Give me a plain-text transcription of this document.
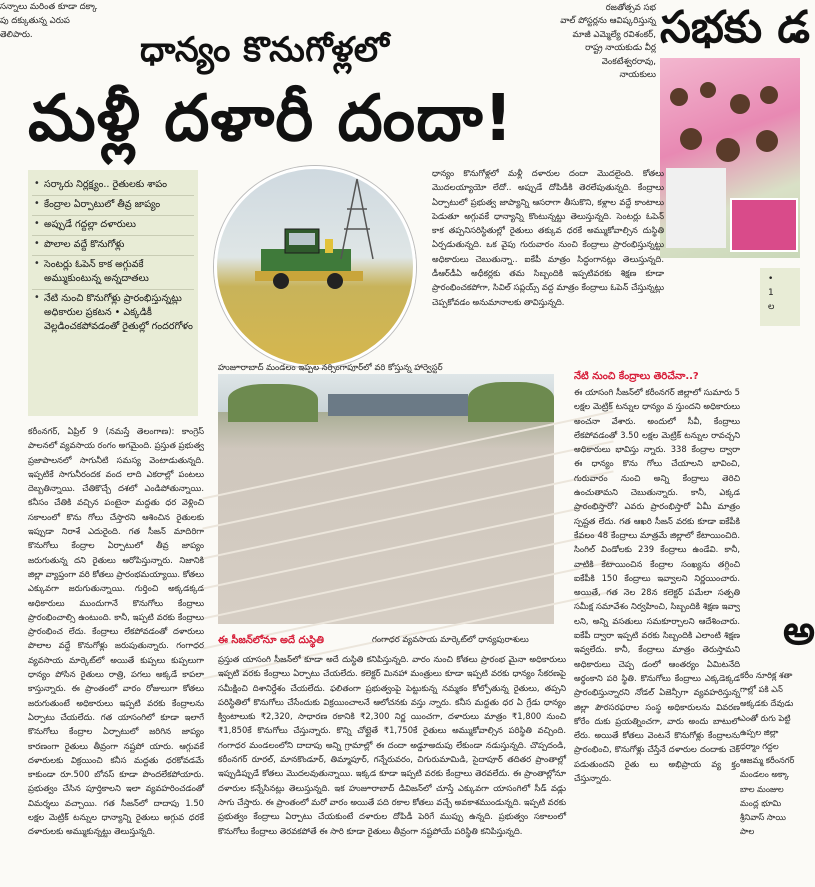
సన్నాలు మరింత కూడా దక్కా
పు దక్కుతున్న ఎరుప
తెలిపారు.
రజతోత్సవ సభ
వాల్ పోస్టర్లను ఆవిష్కరిస్తున్న
మాజీ ఎమ్మెల్యే రవిశంకర్,
రాష్ట్ర నాయకుడు వీర్ల
వెంకటేశ్వరరావు,
నాయకులు
సభకు డ
•
1
ల
ధాన్యం కొనుగోళ్లలో
మళ్లీ దళారీ దందా!
• సర్కారు నిర్లక్ష్యం.. రైతులకు శాపం
• కేంద్రాల ఏర్పాటులో తీవ్ర జాప్యం
• అప్పుడే గద్దల్లా దళారులు
• పొలాల వద్దే కొనుగోళ్లు
• సెంటర్లు ఓపెన్ కాక అగ్గువకే అమ్ముకుంటున్న అన్నదాతలు
• నేటి నుంచి కొనుగోళ్లు ప్రారంభిస్తున్నట్లు అధికారుల ప్రకటన • ఎక్కడికీ వెల్లడించకపోవడంతో రైతుల్లో గందరగోళం
హుజూరాబాద్ మండలం ఇప్పల నర్సింగాపూర్‌లో వరి కోస్తున్న హార్వెస్టర్
ధాన్యం కొనుగోళ్లలో మళ్లీ దళారుల దందా మొదలైంది. కోతలు మొదలయ్యాయో లేదో.. అప్పుడే దోపిడీకి తెరలేపుతున్నది. కేంద్రాలు ఏర్పాటులో ప్రభుత్వ జాప్యాన్ని ఆసరాగా తీసుకొని, కళ్లాల వద్దే కాంటాలు పెడుతూ అగ్గువకే ధాన్యాన్ని కొంటున్నట్టు తెలుస్తున్నది. సెంటర్లు ఓపెన్ కాక తప్పనిసరిస్థితుల్లో రైతులు తక్కువ ధరకే అమ్ముకోవాల్సిన దుస్థితి ఏర్పడుతున్నది. ఒక వైపు గురువారం నుంచి కేంద్రాలు ప్రారంభిస్తున్నట్టు అధికారులు చెబుతున్నా.. ఐకేపీ మాత్రం సిద్ధంగానట్లు తెలుస్తున్నది. డీఆర్‌డీఏ అధీకర్లకు తమ సిబ్బందికి ఇప్పటివరకు శిక్షణ కూడా ప్రారంభించకపోగా, సివిల్ సప్లయ్స్‌ వద్ద మాత్రం కేంద్రాలు ఓపెన్ చేస్తున్నట్లు చెప్పకోవడం అనుమానాలకు తావిస్తున్నది.
నేటి నుంచి కేంద్రాలు తెరిచేనా..?
ఈ సీజన్‌లోనూ అదే దుస్థితి	గంగాధర వ్యవసాయ మార్కెట్‌లో ధాన్యపురాశులు
కరీంనగర్, ఏప్రిల్ 9 (నమస్తే తెలంగాణ): కాంగ్రెస్ పాలనలో వ్యవసాయ రంగం అగమైంది. ప్రస్తుత ప్రభుత్వ ప్రజాపాలనలో సాగునీటి సమస్య వెంటాడుతున్నది. ఇప్పటికే సాగునీరందక వంద లాది ఎకరాల్లో పంటలు దెబ్బతిన్నాయి. చేతికొచ్చే దశలో ఎండిపోతున్నాయి. కనీసం చేతికి వచ్చిన పంటైనా మద్దతు ధర వెళ్లించి సకాలంలో కొను గోలు చేస్తారని ఆశించిన రైతులకు ఇప్పుడా నిరాశే ఎదురైంది. గత సీజన్ మాదిరిగా కొనుగోలు కేంద్రాల ఏర్పాటులో తీవ్ర జాప్యం జరుగుతున్న దని రైతులు ఆరోపిస్తున్నారు. నిజానికి జిల్లా వ్యాప్తంగా వరి కోతలు ప్రారంభమయ్యాయి. కోతలు ఎక్కువగా జరుగుతున్నాయి. గుర్తించి అక్కడక్కడ అధికారులు ముందుగానే కొనుగోలు కేంద్రాలు ప్రారంభించాల్సి ఉంటుంది. కానీ, ఇప్పటి వరకు కేంద్రాలు ప్రారంభించ లేదు. కేంద్రాలు లేకపోవడంతో దళారులు పొలాల వద్దే కొనుగోళ్లు జరుపుతున్నారు. గంగాధర వ్యవసాయ మార్కెట్‌లో అయితే కుప్పలు కుప్పలుగా ధాన్యం పోసిన రైతులు రాత్రి, పగలు అక్కడే కాపలా కాస్తున్నారు. ఈ ప్రాంతంలో వారం రోజులుగా కోతలు జరుగుతుంటే అధికారులు ఇప్పటి వరకు కేంద్రాలను ఏర్పాటు చేయలేదు. గత యాసంగిలో కూడా ఇలాగే కొనుగోలు కేంద్రాల ఏర్పాటులో జరిగిన జాప్యం కారణంగా రైతులు తీవ్రంగా నష్టపో యారు. ఆగ్గువకే దళారులకు విక్రయించి కనీస మద్దతు ధరకోవడమే కాకుండా రూ.500 బోనస్ కూడా పొందలేకపోయారు. ప్రభుత్వం చేసిన పూర్తికాలని ఇలా వ్యవహరించడంతో విమర్శలు వచ్చాయి. గత సీజన్‌లో దాదాపు 1.50 లక్షల మెట్రిక్ టన్నుల ధాన్యాన్ని రైతులు అగ్గువ ధరకే దళారులకు అమ్ముకున్నట్టు తెలుస్తున్నది.
ఈ యాసంగి సీజన్‌లో కరీంనగర్ జిల్లాలో సుమారు 5 లక్షల మెట్రిక్ టన్నుల ధాన్యం వ స్తుందని అధికారులు అంచనా వేశారు. అందులో సీవీ, కేంద్రాలు లేకపోవడంతో 3.50 లక్షల మెట్రిక్ టన్నుల రావచ్చని అధికారులు భావిస్తు న్నారు. 338 కేంద్రాల ద్వారా ఈ ధాన్యం కొను గోలు చేయాలని భావించి, గురువారం నుంచి అన్ని కేంద్రాలు తెరిచి ఉంచుతామని చెబుతున్నారు. కానీ, ఎక్కడ ప్రారంభిస్తారో? ఎవరు ప్రారంభిస్తారో ఏమీ మాత్రం స్పష్టత లేదు. గత ఆఖరి సీజన్ వరకు కూడా ఐకేపీకి కేవలం 48 కేంద్రాలు మాత్రమే జిల్లాలో కేటాయించిది. సింగిల్ విండోలకు 239 కేంద్రాలు ఉండేవి. కానీ, వాటికి కేటాయించిన కేంద్రాల సంఖ్యను తగ్గించి ఐకేపీకి 150 కేంద్రాలు ఇవ్వాలని నిర్ణయించారు. అయితే, గత నెల 28న కలెక్టర్ పమేలా సత్పతి సమీక్ష సమావేశం నిర్వహించి, సిబ్బందికి శిక్షణ ఇవ్వా లని, అన్ని వసతులు సమకూర్చాలని ఆదేశించారు. ఐకేపీ ద్వారా ఇప్పటి వరకు సిబ్బందికి ఎలాంటి శిక్షణ ఇవ్వలేదు. కానీ, కేంద్రాలు మాత్రం తెరుస్తామని అధికారులు చెప్ప డంలో ఆంతర్యం ఏమిటనేది అర్థంకాని పరి స్థితి. కొనుగోలు కేంద్రాలు ఎక్కడెక్కడ ప్రారంభిస్తున్నారని నోడల్ ఏజెన్సీగా వ్యవహరిస్తున్న జిల్లా పౌరసరఫరాల సంస్థ అధికారులను వివరణ కోరేం దుకు ప్రయత్నించగా, వారు అందు బాటులో లేరు. అయితే కోతలు వెంటనే కొనుగోళ్లు కేంద్రాలను ప్రారంభించి, కొనుగోళ్లు చేస్తేనే దళారుల దందాకు చెక్ పడుతుందని రైతు లు అభిప్రాయ వ్య క్తం చేస్తున్నారు.
ప్రస్తుత యాసంగి సీజన్‌లో కూడా అదే దుస్థితి కనిపిస్తున్నది. వారం నుంచి కోతలు ప్రారంభ మైనా అధికారులు ఇప్పటి వరకు కేంద్రాలు ఏర్పాటు చేయలేదు. కలెక్టర్ మినహా మంత్రులు కూడా ఇప్పటి వరకు ధాన్యం సేకరణపై సమీక్షించి దిశానిర్దేశం చేయలేదు. ఫలితంగా ప్రభుత్వంపై పెట్టుకున్న నమ్మకం కోల్పోతున్న రైతులు, తప్పని పరిస్థితిలో కొనుగోలు చేసేందుకు విక్రయించాలనే ఆలోచనకు వస్తు న్నారు. కనీస మద్దతు ధర ఏ గ్రేడు ధాన్యం క్వింటాలుకు ₹2,320, సాధారణ రకానికి ₹2,300 నిర్ణ యించగా, దళారులు మాత్రం ₹1,800 నుంచి ₹1,850కే కొనుగోలు చేస్తున్నారు. కొన్ని చోట్లైతే ₹1,750కే రైతులు అమ్ముకోవాల్సిన పరిస్థితి వచ్చింది. గంగాధర మండలంలోని దాదాపు అన్ని గ్రామాల్లో ఈ దందా అడ్డూఅదుపు లేకుండా నడుస్తున్నది. చొప్పదండి, కరీంనగర్ రూరల్, మానకొండూర్, తిమ్మాపూర్, గన్నేరువరం, చిగురుమామిడి, సైదాపూర్ తదితర ప్రాంతాల్లో ఇప్పుడిప్పుడే కోతలు మొదలవుతున్నాయి. ఇక్కడ కూడా ఇప్పటి వరకు కేంద్రాలు తెరవలేదు. ఈ ప్రాంతాల్లోనూ దళారుల కన్నేసినట్లు తెలుస్తున్నది. ఇక హుజూరాబాద్ డివిజన్‌లో చూస్తే ఎక్కువగా యాసంగిలో సీడ్ వడ్లు సాగు చేస్తారు. ఈ ప్రాంతంలో మరో వారం అయితే పది రకాల కోతలు వచ్చే అవకాశముండున్నది. ఇప్పటి వరకు ప్రభుత్వం కేంద్రాలు ఏర్పాటు చేయకుంటే దళారుల దోపిడీ పెరిగే ముప్పు ఉన్నది. ప్రభుత్వం సకాలంలో కొనుగోలు కేంద్రాలు తెరవకపోతే ఈ సారి కూడా రైతులు తీవ్రంగా నష్టపోయే పరిస్థితి కనిపిస్తున్నది.
అ
కరీం నూరిక్ల శతా గాల్లో పకి ఎన్ అక్కడకు దేవుడు ఎంతో రుగు పెట్టి ఉప్పల జిల్లా ధర్మాం గద్దల ఆజమ్మ కరీంనగర్ మండలం అక్కా బాల మంజుల మంద్ల భూమి శ్రీనివాస్ సాయి పాల
